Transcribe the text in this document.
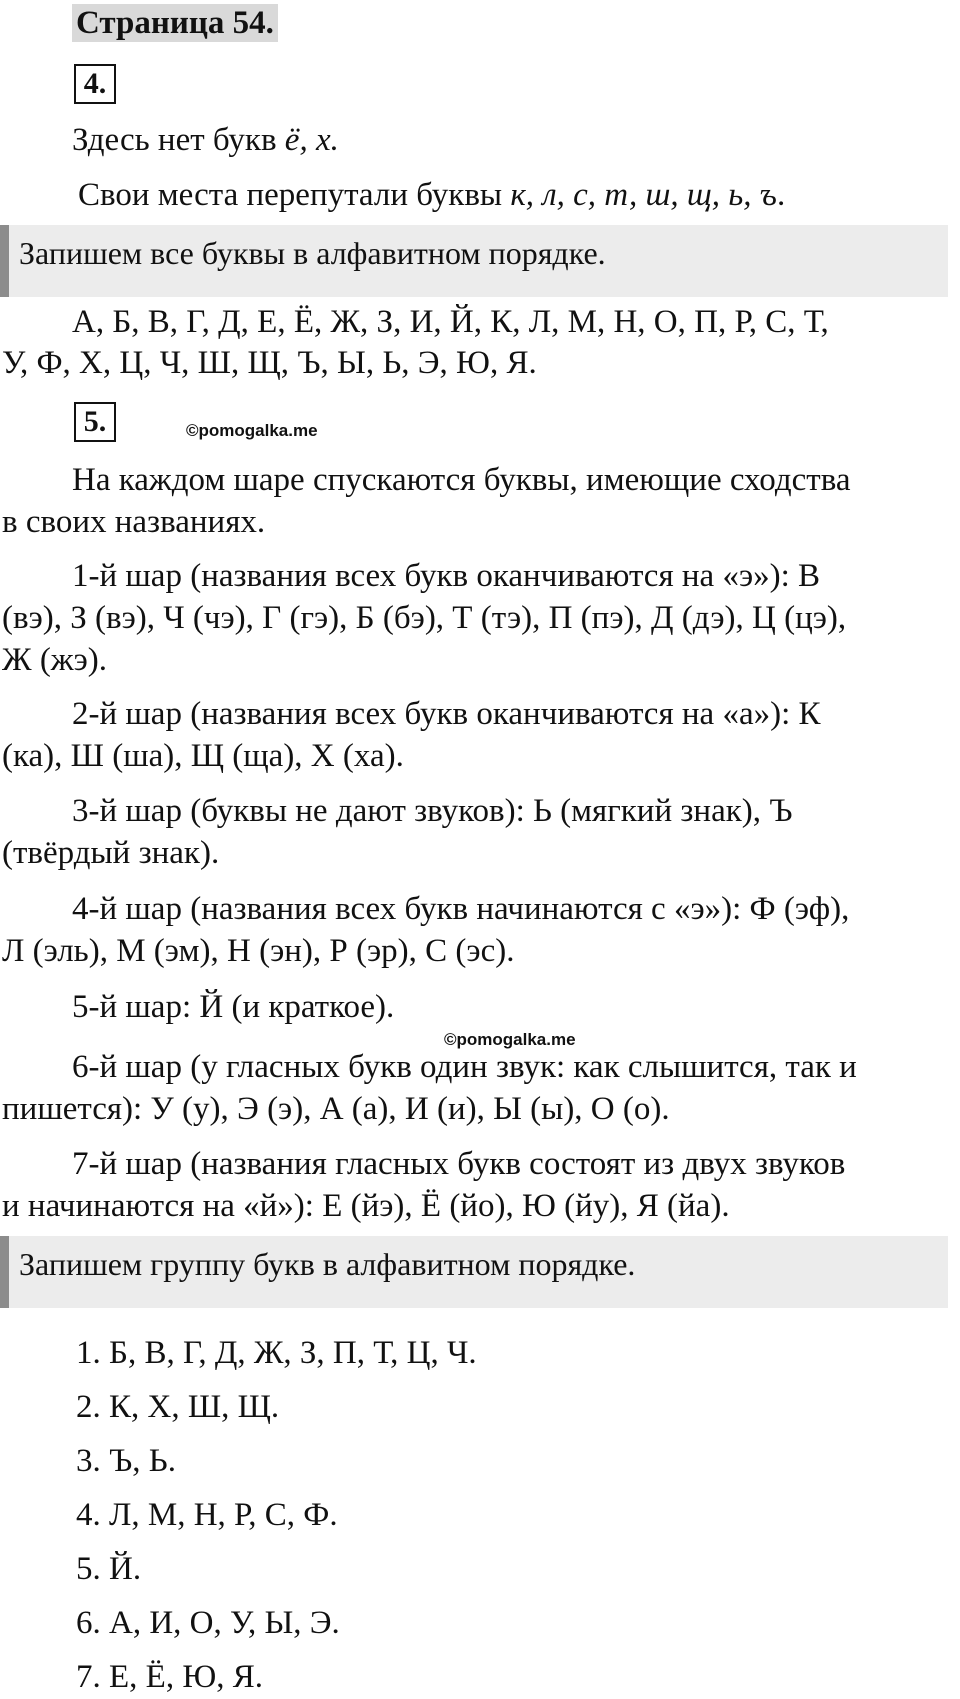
Страница 54.
4.
Здесь нет букв ё, х.
Свои места перепутали буквы к, л, с, т, ш, щ, ь, ъ.
Запишем все буквы в алфавитном порядке.
А, Б, В, Г, Д, Е, Ё, Ж, З, И, Й, К, Л, М, Н, О, П, Р, С, Т,
У, Ф, Х, Ц, Ч, Ш, Щ, Ъ, Ы, Ь, Э, Ю, Я.
5.	©pomogalka.me
На каждом шаре спускаются буквы, имеющие сходства
в своих названиях.
1-й шар (названия всех букв оканчиваются на «э»): В
(вэ), З (вэ), Ч (чэ), Г (гэ), Б (бэ), Т (тэ), П (пэ), Д (дэ), Ц (цэ),
Ж (жэ).
2-й шар (названия всех букв оканчиваются на «а»): К
(ка), Ш (ша), Щ (ща), Х (ха).
3-й шар (буквы не дают звуков): Ь (мягкий знак), Ъ
(твёрдый знак).
4-й шар (названия всех букв начинаются с «э»): Ф (эф),
Л (эль), М (эм), Н (эн), Р (эр), С (эс).
5-й шар: Й (и краткое).
©pomogalka.me
6-й шар (у гласных букв один звук: как слышится, так и
пишется): У (у), Э (э), А (а), И (и), Ы (ы), О (о).
7-й шар (названия гласных букв состоят из двух звуков
и начинаются на «й»): Е (йэ), Ё (йо), Ю (йу), Я (йа).
Запишем группу букв в алфавитном порядке.
1. Б, В, Г, Д, Ж, З, П, Т, Ц, Ч.
2. К, Х, Ш, Щ.
3. Ъ, Ь.
4. Л, М, Н, Р, С, Ф.
5. Й.
6. А, И, О, У, Ы, Э.
7. Е, Ё, Ю, Я.
